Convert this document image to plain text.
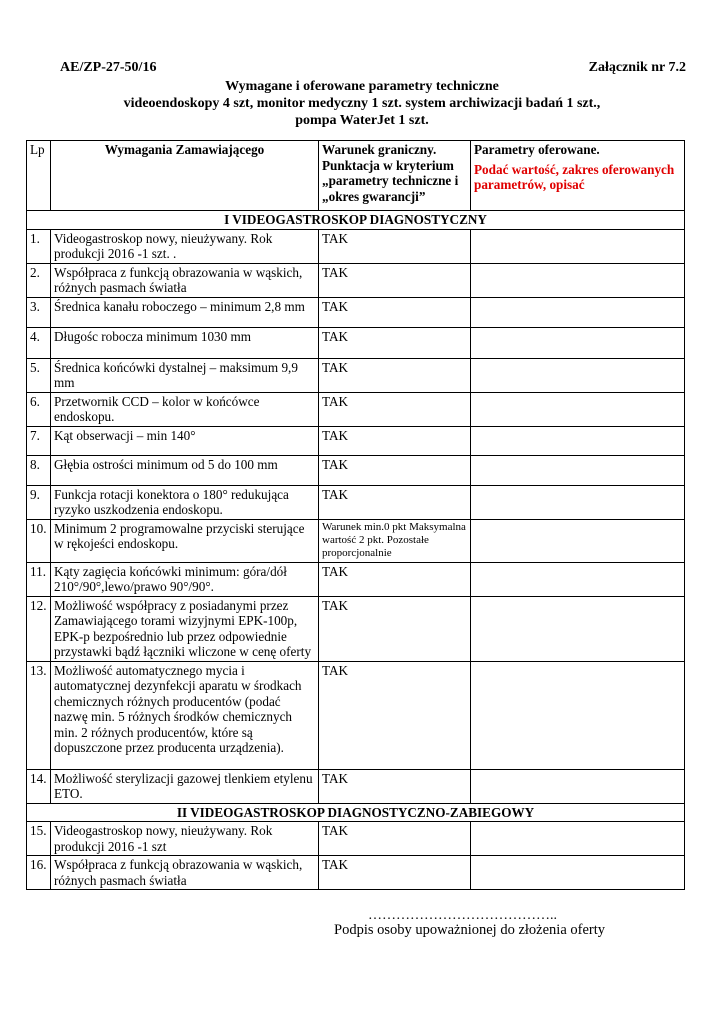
AE/ZP-27-50/16	Załącznik nr 7.2
Wymagane i oferowane parametry techniczne
videoendoskopy 4 szt, monitor medyczny 1 szt. system archiwizacji badań 1 szt.,
pompa WaterJet 1 szt.
Lp	Wymagania Zamawiającego	Warunek graniczny. Punktacja w kryterium „parametry techniczne i „okres gwarancji”	Parametry oferowane.
Podać wartość, zakres oferowanych parametrów, opisać

I VIDEOGASTROSKOP DIAGNOSTYCZNY			
1.	Videogastroskop nowy, nieużywany. Rok produkcji 2016 -1 szt. .	TAK	
2.	Współpraca z funkcją obrazowania w wąskich, różnych pasmach światła	TAK	
3.	Średnica kanału roboczego – minimum 2,8 mm	TAK	
4.	Długośc robocza minimum 1030 mm	TAK	
5.	Średnica końcówki dystalnej – maksimum 9,9 mm	TAK	
6.	Przetwornik CCD – kolor w końcówce endoskopu.	TAK	
7.	Kąt obserwacji – min 140°	TAK	
8.	Głębia ostrości minimum od 5 do 100 mm	TAK	
9.	Funkcja rotacji konektora o 180° redukująca ryzyko uszkodzenia endoskopu.	TAK	
10.	Minimum 2 programowalne przyciski sterujące w rękojeści endoskopu.	Warunek min.0 pkt Maksymalna wartość 2 pkt. Pozostałe proporcjonalnie	
11.	Kąty zagięcia końcówki minimum: góra/dół 210°/90°,lewo/prawo 90°/90°.	TAK	
12.	Możliwość współpracy z posiadanymi przez Zamawiającego torami wizyjnymi EPK-100p, EPK-p bezpośrednio lub przez odpowiednie przystawki bądź łączniki wliczone w cenę oferty	TAK	
13.	Możliwość automatycznego mycia i automatycznej dezynfekcji aparatu w środkach chemicznych różnych producentów (podać nazwę min. 5 różnych środków chemicznych min. 2 różnych producentów, które są dopuszczone przez producenta urządzenia).	TAK	
14.	Możliwość sterylizacji gazowej tlenkiem etylenu ETO.	TAK	
II VIDEOGASTROSKOP DIAGNOSTYCZNO-ZABIEGOWY			
15.	Videogastroskop nowy, nieużywany. Rok produkcji 2016 -1 szt	TAK	
16.	Współpraca z funkcją obrazowania w wąskich, różnych pasmach światła	TAK	
…………………………………..
Podpis osoby upoważnionej do złożenia oferty
